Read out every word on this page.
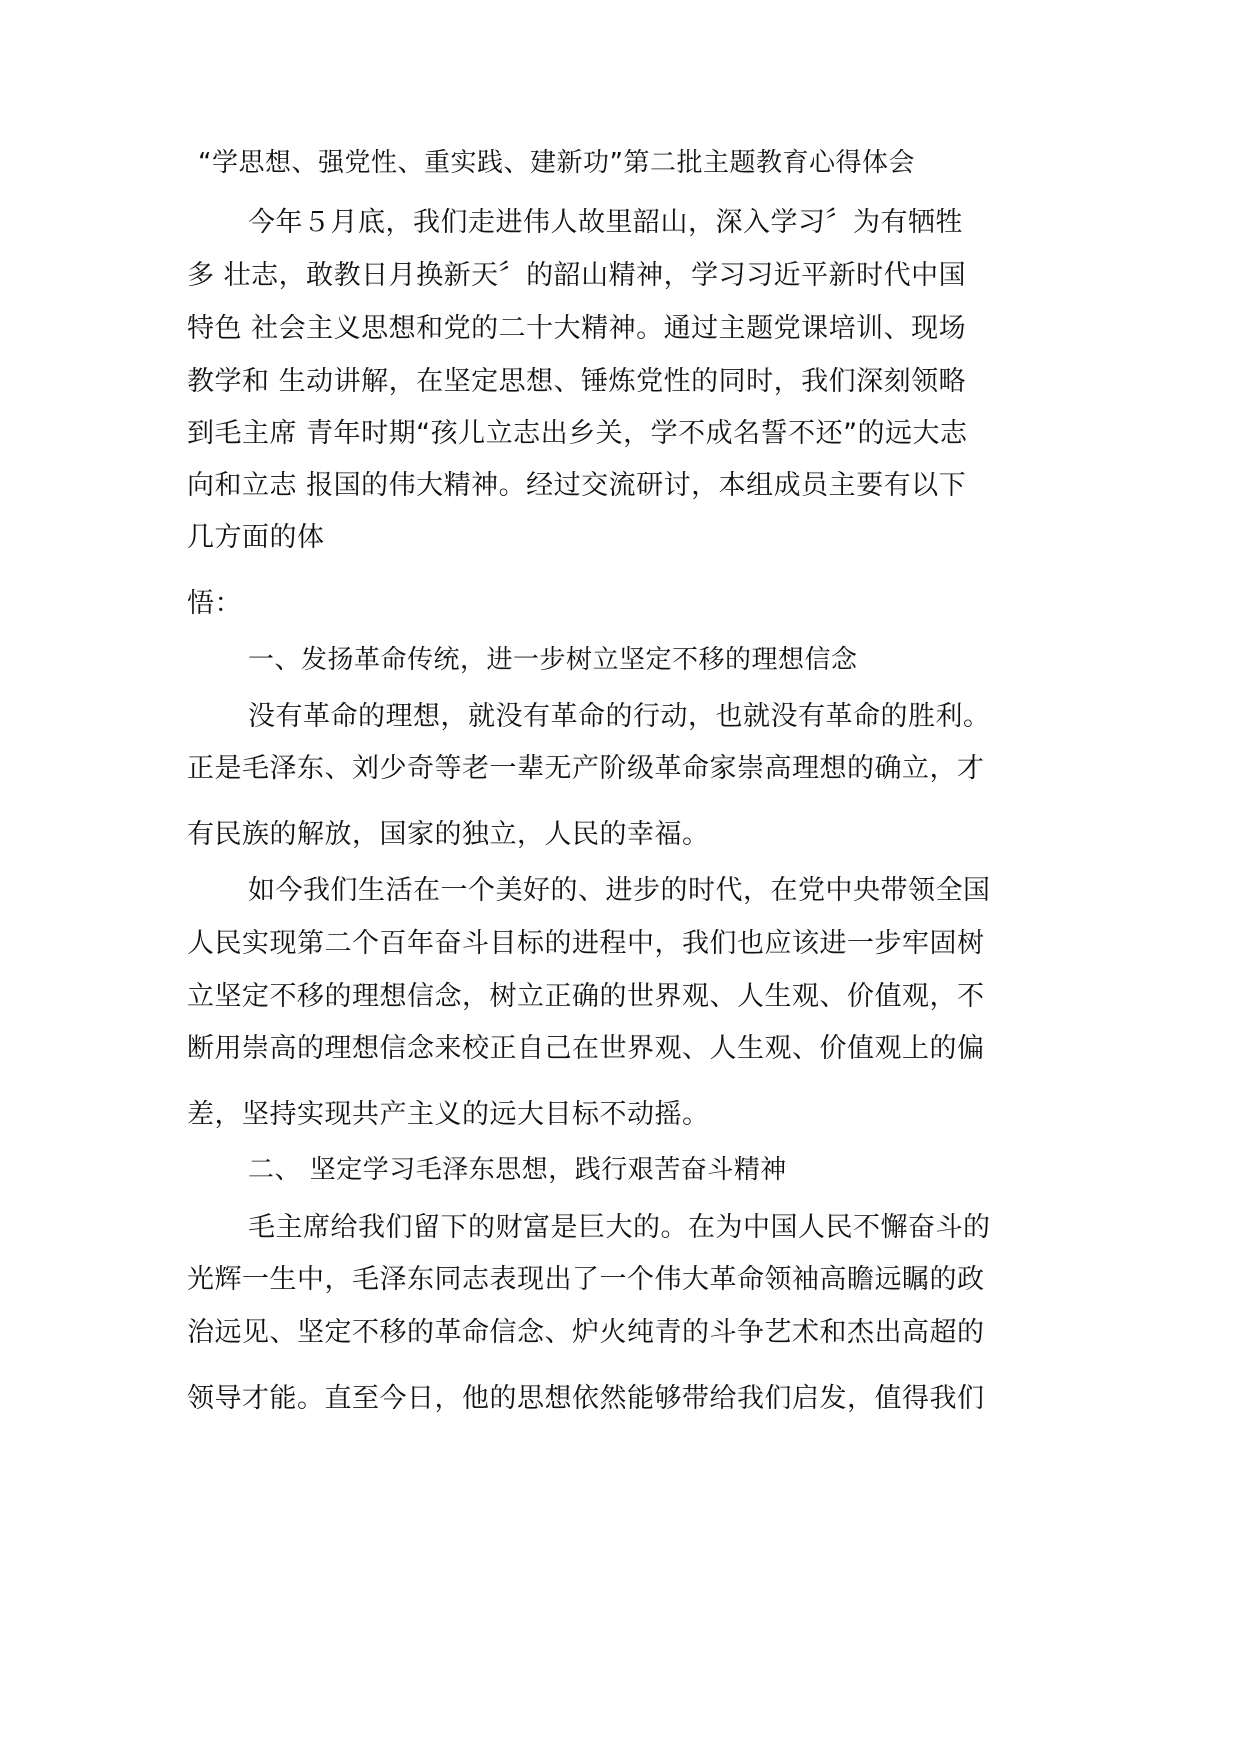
“学思想、强党性、重实践、建新功”第二批主题教育心得体会
今年５月底，我们走进伟人故里韶山，深入学习〞为有牺牲
多 壮志，敢教日月换新天〞的韶山精神，学习习近平新时代中国
特色 社会主义思想和党的二十大精神。通过主题党课培训、现场
教学和 生动讲解，在坚定思想、锤炼党性的同时，我们深刻领略
到毛主席 青年时期“孩儿立志出乡关，学不成名誓不还”的远大志
向和立志 报国的伟大精神。经过交流研讨，本组成员主要有以下
几方面的体
悟：
一、发扬革命传统，进一步树立坚定不移的理想信念
没有革命的理想，就没有革命的行动，也就没有革命的胜利。
正是毛泽东、刘少奇等老一辈无产阶级革命家崇高理想的确立，才
有民族的解放，国家的独立，人民的幸福。
如今我们生活在一个美好的、进步的时代，在党中央带领全国
人民实现第二个百年奋斗目标的进程中，我们也应该进一步牢固树
立坚定不移的理想信念，树立正确的世界观、人生观、价值观，不
断用崇高的理想信念来校正自己在世界观、人生观、价值观上的偏
差，坚持实现共产主义的远大目标不动摇。
二、 坚定学习毛泽东思想，践行艰苦奋斗精神
毛主席给我们留下的财富是巨大的。在为中国人民不懈奋斗的
光辉一生中，毛泽东同志表现出了一个伟大革命领袖高瞻远瞩的政
治远见、坚定不移的革命信念、炉火纯青的斗争艺术和杰出高超的
领导才能。直至今日，他的思想依然能够带给我们启发，值得我们
